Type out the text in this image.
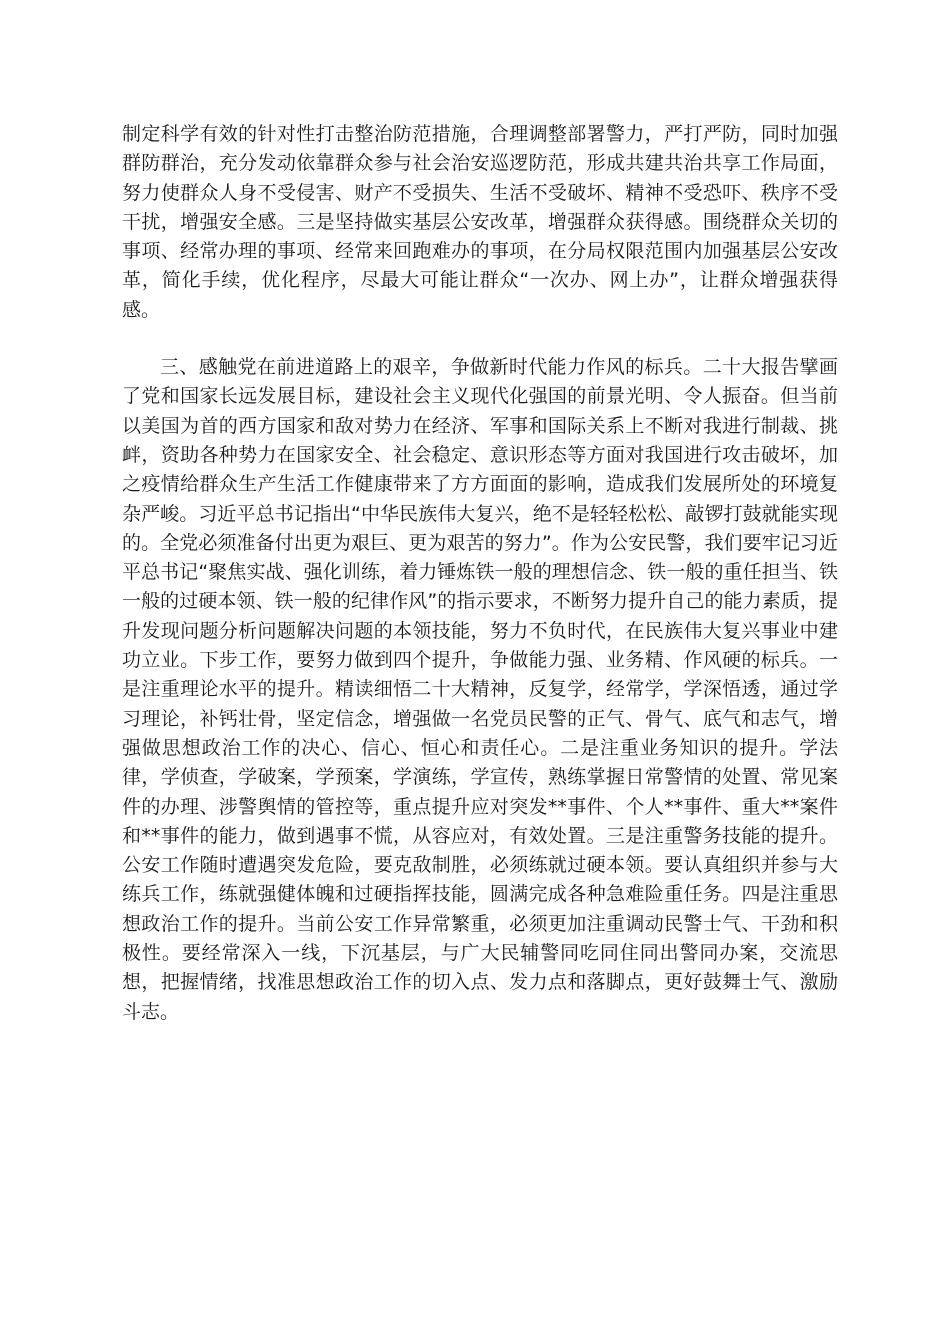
制定科学有效的针对性打击整治防范措施，合理调整部署警力，严打严防，同时加强群防群治，充分发动依靠群众参与社会治安巡逻防范，形成共建共治共享工作局面，努力使群众人身不受侵害、财产不受损失、生活不受破坏、精神不受恐吓、秩序不受干扰，增强安全感。三是坚持做实基层公安改革，增强群众获得感。围绕群众关切的事项、经常办理的事项、经常来回跑难办的事项，在分局权限范围内加强基层公安改革，简化手续，优化程序，尽最大可能让群众“一次办、网上办”，让群众增强获得感。

三、感触党在前进道路上的艰辛，争做新时代能力作风的标兵。二十大报告擘画了党和国家长远发展目标，建设社会主义现代化强国的前景光明、令人振奋。但当前以美国为首的西方国家和敌对势力在经济、军事和国际关系上不断对我进行制裁、挑衅，资助各种势力在国家安全、社会稳定、意识形态等方面对我国进行攻击破坏，加之疫情给群众生产生活工作健康带来了方方面面的影响，造成我们发展所处的环境复杂严峻。习近平总书记指出“中华民族伟大复兴，绝不是轻轻松松、敲锣打鼓就能实现的。全党必须准备付出更为艰巨、更为艰苦的努力”。作为公安民警，我们要牢记习近平总书记“聚焦实战、强化训练，着力锤炼铁一般的理想信念、铁一般的重任担当、铁一般的过硬本领、铁一般的纪律作风”的指示要求，不断努力提升自己的能力素质，提升发现问题分析问题解决问题的本领技能，努力不负时代，在民族伟大复兴事业中建功立业。下步工作，要努力做到四个提升，争做能力强、业务精、作风硬的标兵。一是注重理论水平的提升。精读细悟二十大精神，反复学，经常学，学深悟透，通过学习理论，补钙壮骨，坚定信念，增强做一名党员民警的正气、骨气、底气和志气，增强做思想政治工作的决心、信心、恒心和责任心。二是注重业务知识的提升。学法律，学侦查，学破案，学预案，学演练，学宣传，熟练掌握日常警情的处置、常见案件的办理、涉警舆情的管控等，重点提升应对突发**事件、个人**事件、重大**案件和**事件的能力，做到遇事不慌，从容应对，有效处置。三是注重警务技能的提升。公安工作随时遭遇突发危险，要克敌制胜，必须练就过硬本领。要认真组织并参与大练兵工作，练就强健体魄和过硬指挥技能，圆满完成各种急难险重任务。四是注重思想政治工作的提升。当前公安工作异常繁重，必须更加注重调动民警士气、干劲和积极性。要经常深入一线，下沉基层，与广大民辅警同吃同住同出警同办案，交流思想，把握情绪，找准思想政治工作的切入点、发力点和落脚点，更好鼓舞士气、激励斗志。
